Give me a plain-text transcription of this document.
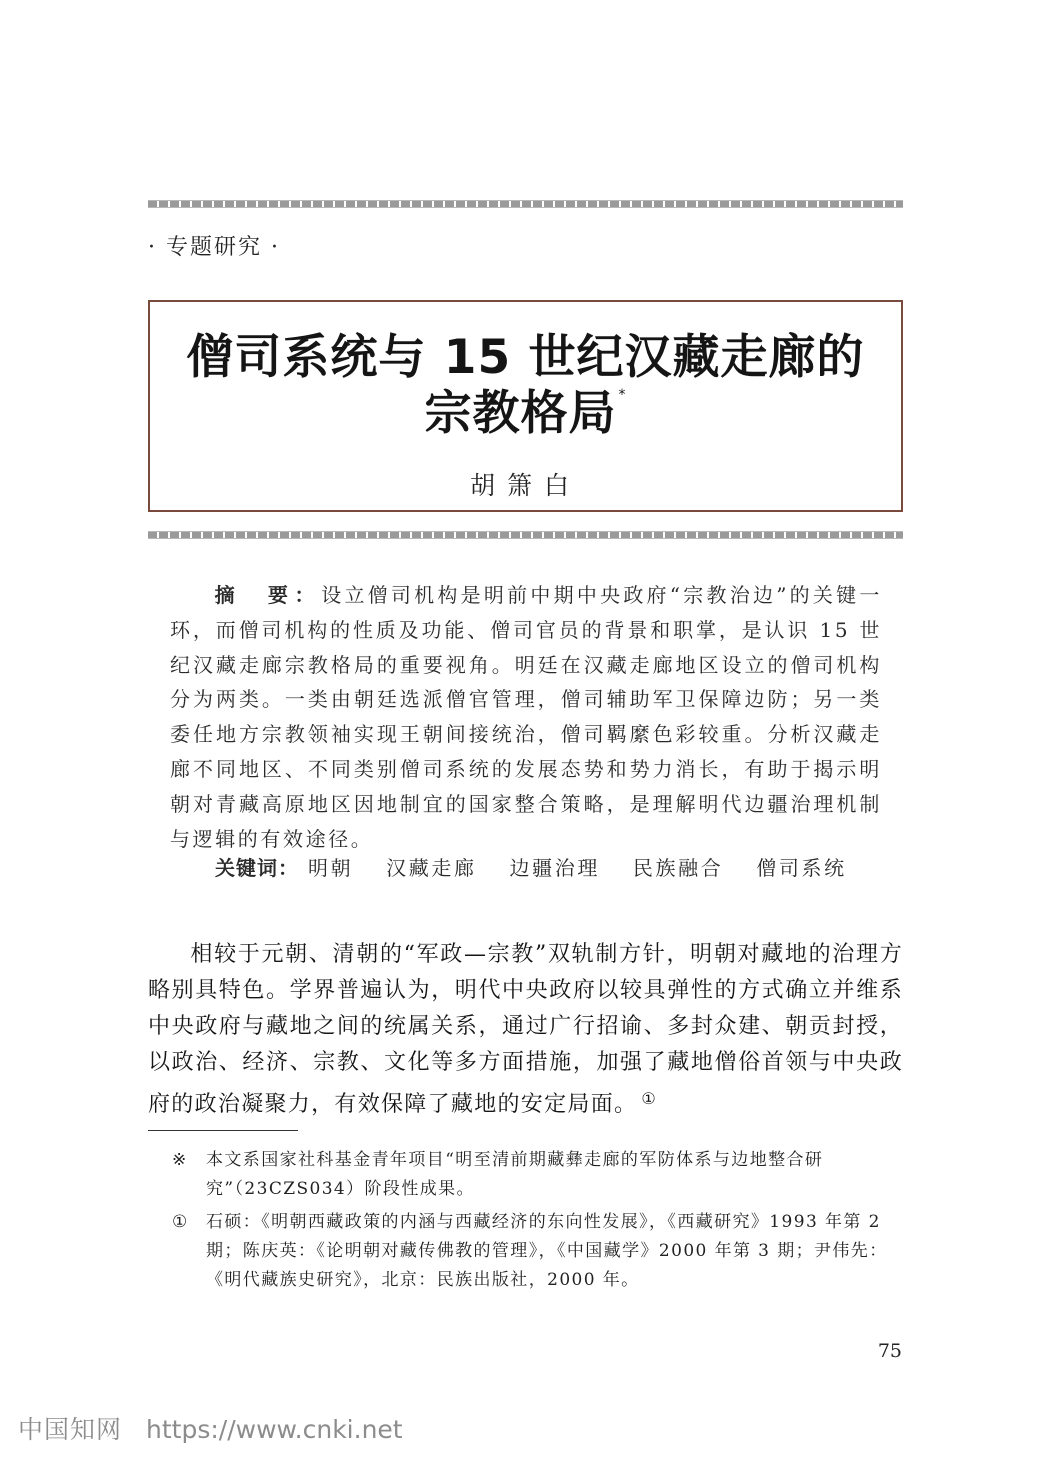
· 专题研究 ·
僧司系统与 15 世纪汉藏走廊的
宗教格局 *
胡箫白
摘　要：设立僧司机构是明前中期中央政府“宗教治边”的关键一环，而僧司机构的性质及功能、僧司官员的背景和职掌，是认识 15 世纪汉藏走廊宗教格局的重要视角。明廷在汉藏走廊地区设立的僧司机构分为两类。一类由朝廷选派僧官管理，僧司辅助军卫保障边防；另一类委任地方宗教领袖实现王朝间接统治，僧司羁縻色彩较重。分析汉藏走廊不同地区、不同类别僧司系统的发展态势和势力消长，有助于揭示明朝对青藏高原地区因地制宜的国家整合策略，是理解明代边疆治理机制与逻辑的有效途径。
关键词： 明朝 汉藏走廊 边疆治理 民族融合 僧司系统
相较于元朝、清朝的“军政—宗教”双轨制方针，明朝对藏地的治理方略别具特色。学界普遍认为，明代中央政府以较具弹性的方式确立并维系中央政府与藏地之间的统属关系，通过广行招谕、多封众建、朝贡封授，以政治、经济、宗教、文化等多方面措施，加强了藏地僧俗首领与中央政府的政治凝聚力，有效保障了藏地的安定局面。 ①
※ 本文系国家社科基金青年项目“明至清前期藏彝走廊的军防体系与边地整合研究”（23CZS034）阶段性成果。
① 石硕：《明朝西藏政策的内涵与西藏经济的东向性发展》，《西藏研究》1993 年第 2 期；陈庆英：《论明朝对藏传佛教的管理》，《中国藏学》2000 年第 3 期；尹伟先：《明代藏族史研究》，北京：民族出版社，2000 年。
75
中国知网 https://www.cnki.net
